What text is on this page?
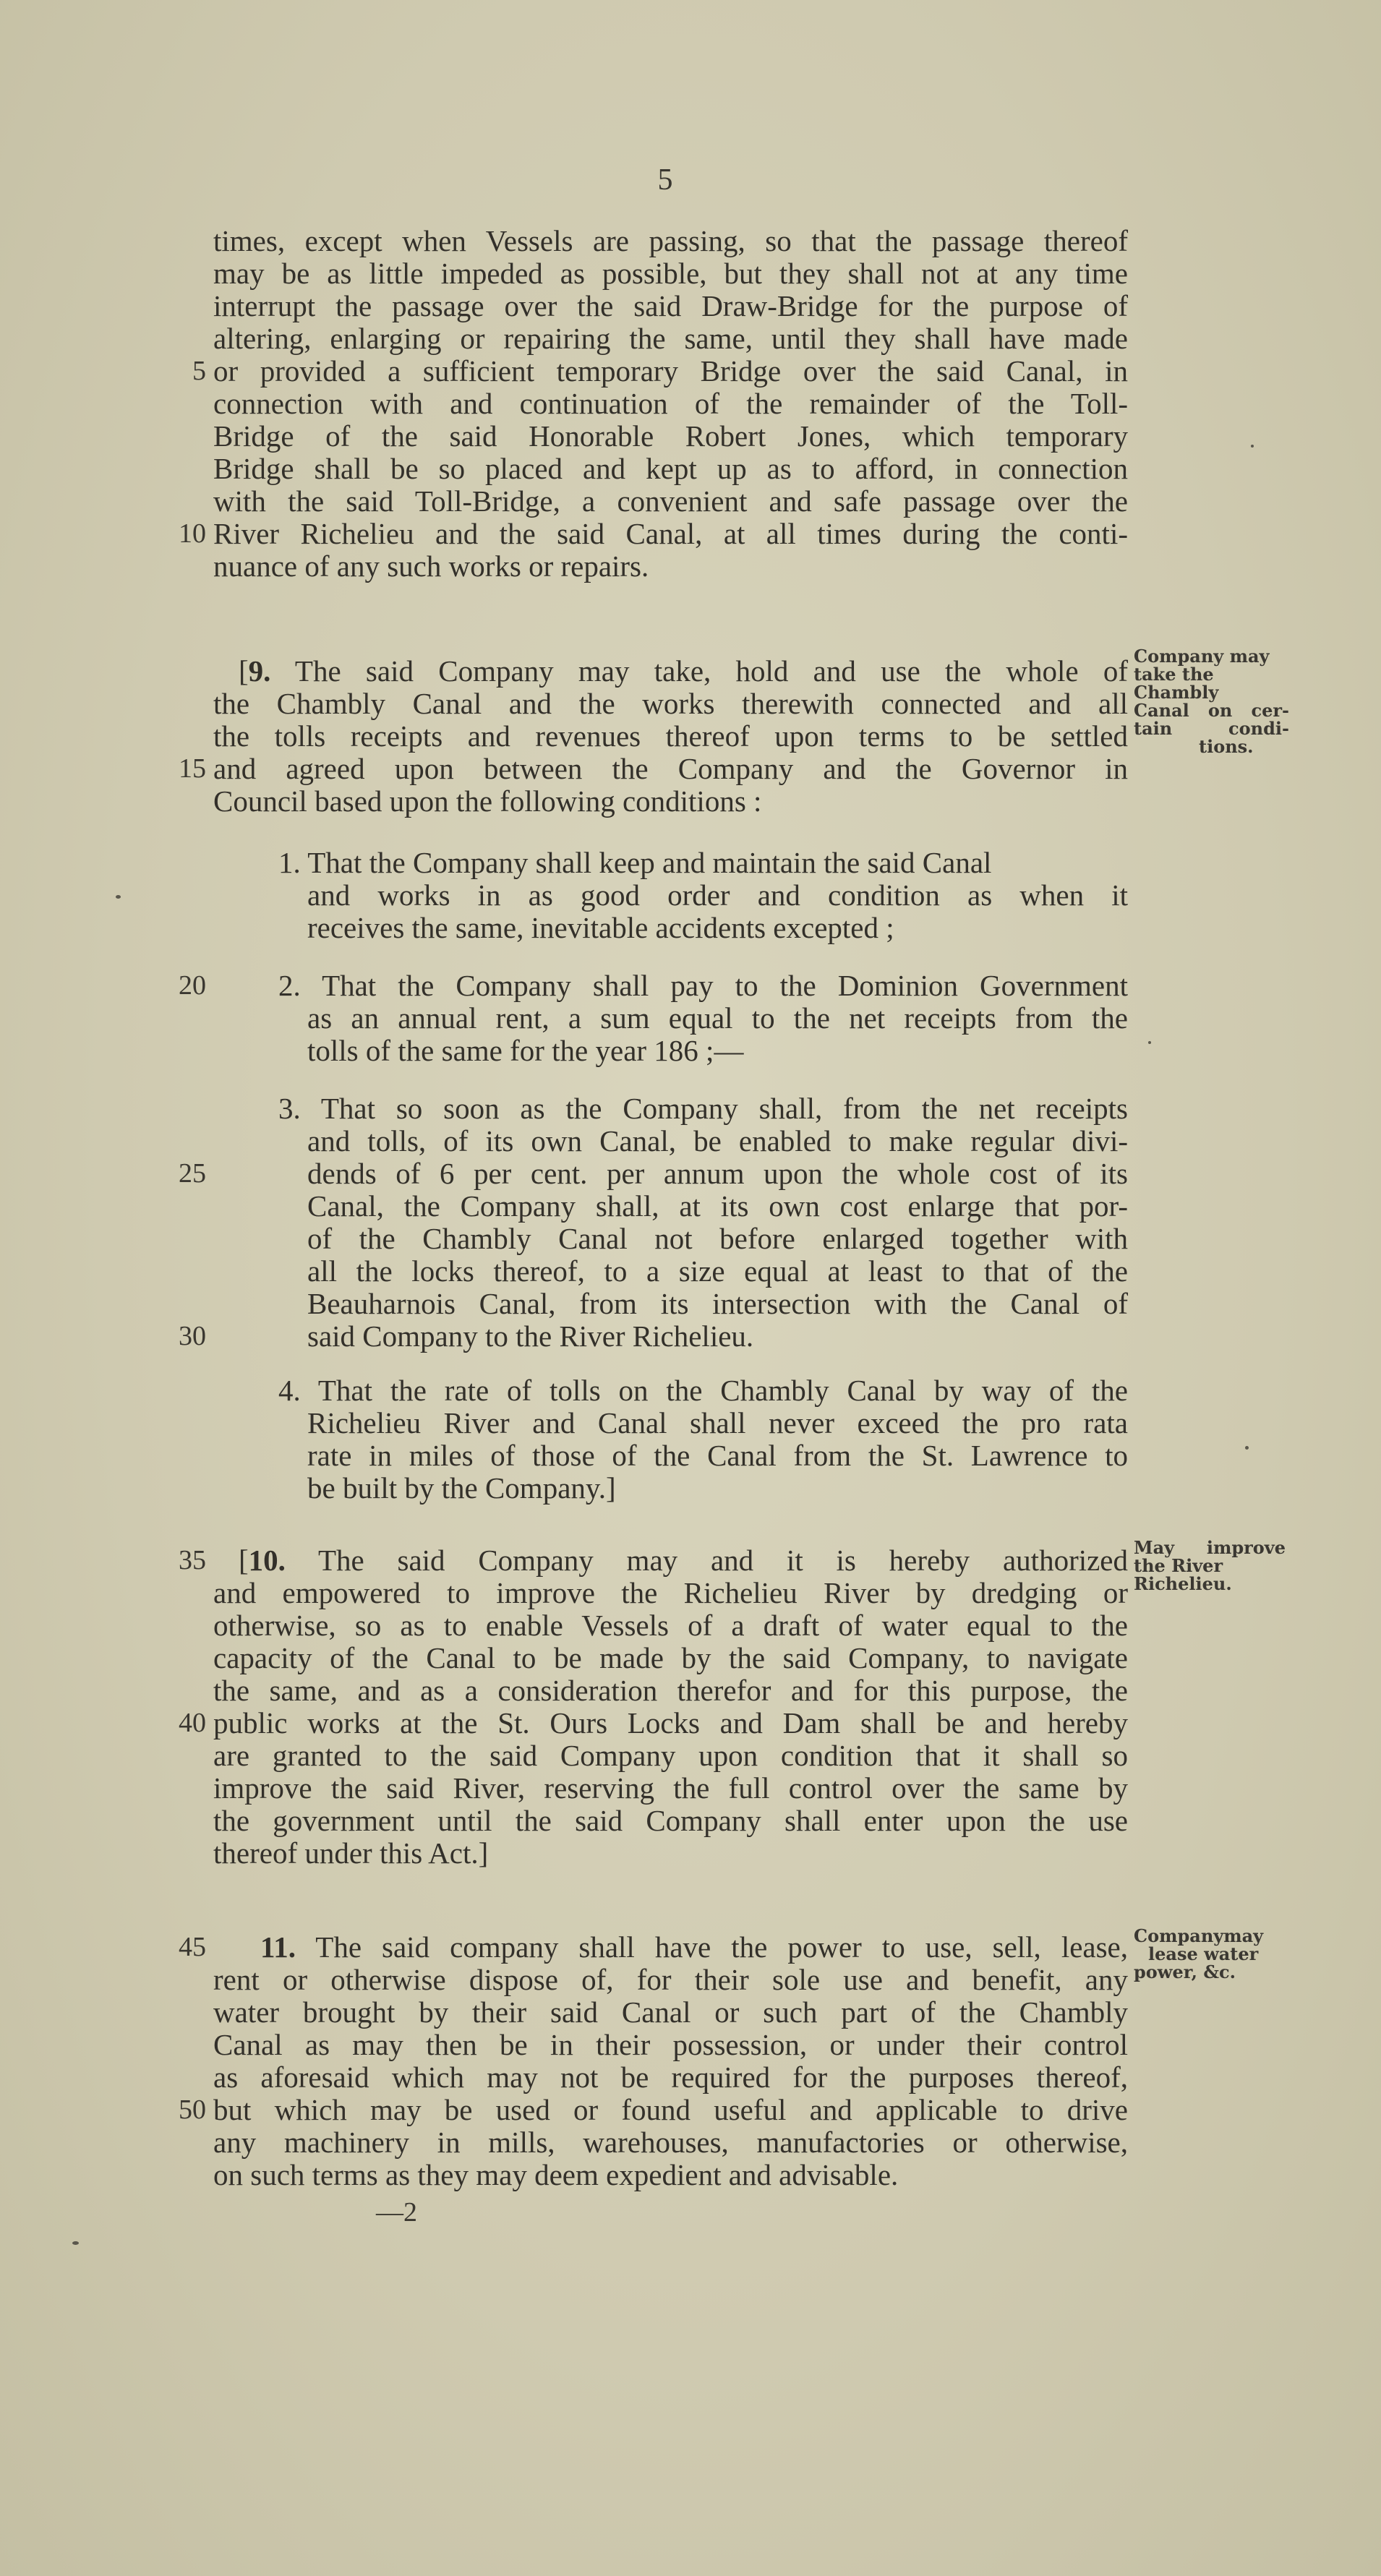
5
times, except when Vessels are passing, so that the passage thereof
may be as little impeded as possible, but they shall not at any time
interrupt the passage over the said Draw-Bridge for the purpose of
altering, enlarging or repairing the same, until they shall have made
5 or provided a sufficient temporary Bridge over the said Canal, in
connection with and continuation of the remainder of the Toll-
Bridge of the said Honorable Robert Jones, which temporary
Bridge shall be so placed and kept up as to afford, in connection
with the said Toll-Bridge, a convenient and safe passage over the
10 River Richelieu and the said Canal, at all times during the conti-
nuance of any such works or repairs.
[9. The said Company may take, hold and use the whole of
the Chambly Canal and the works therewith connected and all
the tolls receipts and revenues thereof upon terms to be settled
15 and agreed upon between the Company and the Governor in
Council based upon the following conditions :
Company may
take the
Chambly
Canal on cer-
tain condi-
tions.
1. That the Company shall keep and maintain the said Canal
and works in as good order and condition as when it
receives the same, inevitable accidents excepted ;
20 2. That the Company shall pay to the Dominion Government
as an annual rent, a sum equal to the net receipts from the
tolls of the same for the year 186 ;—
3. That so soon as the Company shall, from the net receipts
and tolls, of its own Canal, be enabled to make regular divi-
25	dends of 6 per cent. per annum upon the whole cost of its
Canal, the Company shall, at its own cost enlarge that por-
of the Chambly Canal not before enlarged together with
all the locks thereof, to a size equal at least to that of the
Beauharnois Canal, from its intersection with the Canal of
30	said Company to the River Richelieu.
4. That the rate of tolls on the Chambly Canal by way of the
Richelieu River and Canal shall never exceed the pro rata
rate in miles of those of the Canal from the St. Lawrence to
be built by the Company.]
35 [10. The said Company may and it is hereby authorized
and empowered to improve the Richelieu River by dredging or
otherwise, so as to enable Vessels of a draft of water equal to the
capacity of the Canal to be made by the said Company, to navigate
the same, and as a consideration therefor and for this purpose, the
40 public works at the St. Ours Locks and Dam shall be and hereby
are granted to the said Company upon condition that it shall so
improve the said River, reserving the full control over the same by
the government until the said Company shall enter upon the use
thereof under this Act.]
May improve
the River
Richelieu.
45 11. The said company shall have the power to use, sell, lease,
rent or otherwise dispose of, for their sole use and benefit, any
water brought by their said Canal or such part of the Chambly
Canal as may then be in their possession, or under their control
as aforesaid which may not be required for the purposes thereof,
50 but which may be used or found useful and applicable to drive
any machinery in mills, warehouses, manufactories or otherwise,
on such terms as they may deem expedient and advisable.
Companymay
lease water
power, &c.
—2
